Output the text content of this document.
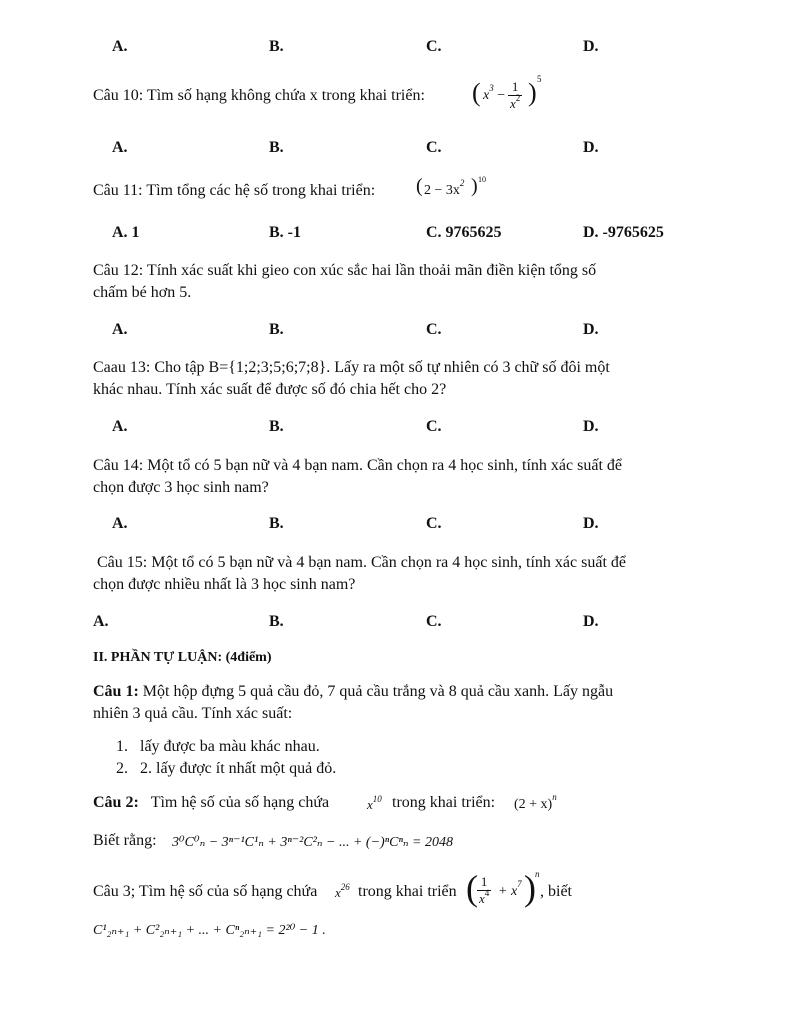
A.	B.	C.	D.
Câu 10: Tìm số hạng không chứa x trong khai triển: ( $x^3 - \frac{1}{x^2}$ ) 5
A.	B.	C.	D.
Câu 11: Tìm tổng các hệ số trong khai triển: ( $2 - 3x^2$ ) 10
A. 1	B. -1	C. 9765625	D. -9765625
Câu 12: Tính xác suất khi gieo con xúc sắc hai lần thoải mãn điền kiện tổng số
chấm bé hơn 5.
A.	B.	C.	D.
Caau 13: Cho tập B={1;2;3;5;6;7;8}. Lấy ra một số tự nhiên có 3 chữ số đôi một
khác nhau. Tính xác suất để được số đó chia hết cho 2?
A.	B.	C.	D.
Câu 14: Một tổ có 5 bạn nữ và 4 bạn nam. Cần chọn ra 4 học sinh, tính xác suất để
chọn được 3 học sinh nam?
A.	B.	C.	D.
Câu 15: Một tổ có 5 bạn nữ và 4 bạn nam. Cần chọn ra 4 học sinh, tính xác suất để
chọn được nhiều nhất là 3 học sinh nam?
A.	B.	C.	D.
II. PHẦN TỰ LUẬN: (4điểm)
Câu 1: Một hộp đựng 5 quả cầu đỏ, 7 quả cầu trắng và 8 quả cầu xanh. Lấy ngẫu
nhiên 3 quả cầu. Tính xác suất:
1. lấy được ba màu khác nhau.
2. 2. lấy được ít nhất một quả đỏ.
Câu 2: Tìm hệ số của số hạng chứa	$x^{10}$ trong khai triển: $(2 + x)^n$
Biết rằng: 3⁰C⁰ₙ − 3ⁿ⁻¹C¹ₙ + 3ⁿ⁻²C²ₙ − ... + (−)ⁿCⁿₙ = 2048
Câu 3; Tìm hệ số của số hạng chứa $x^{26}$ trong khai triển ( $\frac{1}{x^4} + x^7$ ) n
, biết
C¹₂ₙ₊₁ + C²₂ₙ₊₁ + ... + Cⁿ₂ₙ₊₁ = 2²⁰ − 1 .
